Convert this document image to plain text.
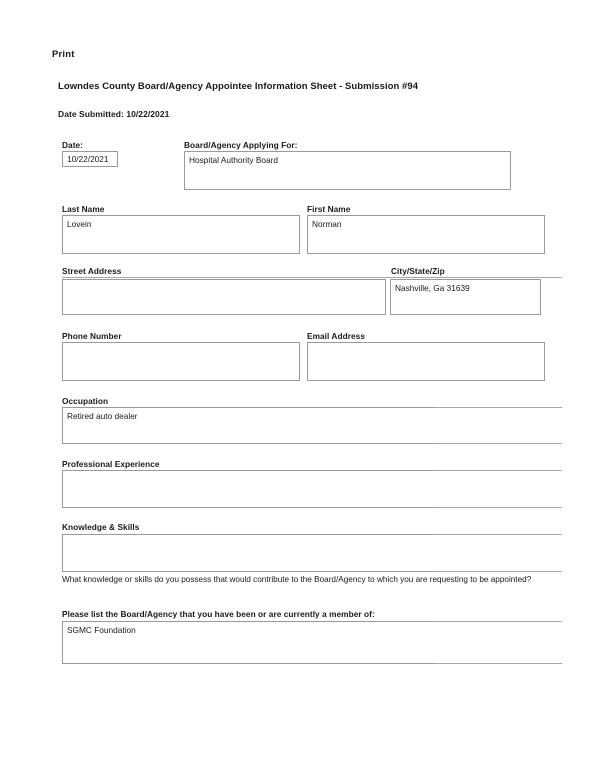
Print
Lowndes County Board/Agency Appointee Information Sheet - Submission #94
Date Submitted: 10/22/2021
Date:
10/22/2021
Board/Agency Applying For:
Hospital Authority Board
Last Name
Lovein
First Name
Norman
Street Address	City/State/Zip
Nashville, Ga 31639
Phone Number	Email Address
Occupation
Retired auto dealer
Professional Experience
Knowledge & Skills
What knowledge or skills do you possess that would contribute to the Board/Agency to which you are requesting to be appointed?
Please list the Board/Agency that you have been or are currently a member of:
SGMC Foundation
